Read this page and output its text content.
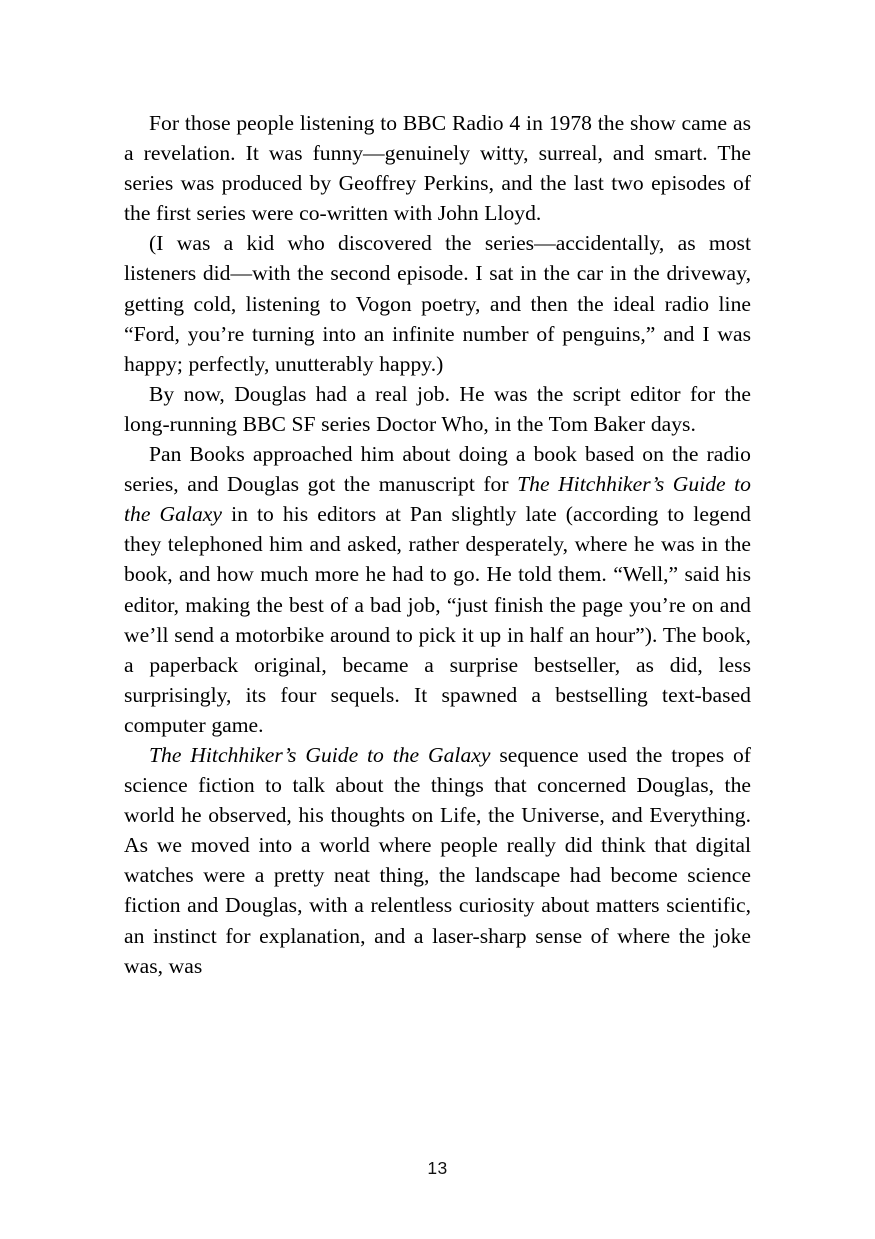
For those people listening to BBC Radio 4 in 1978 the show came as a revelation. It was funny—genuinely witty, surreal, and smart. The series was produced by Geoffrey Perkins, and the last two episodes of the first series were co-written with John Lloyd.

(I was a kid who discovered the series—accidentally, as most listeners did—with the second episode. I sat in the car in the driveway, getting cold, listening to Vogon poetry, and then the ideal radio line “Ford, you’re turning into an infinite number of penguins,” and I was happy; perfectly, unutterably happy.)

By now, Douglas had a real job. He was the script editor for the long-running BBC SF series Doctor Who, in the Tom Baker days.

Pan Books approached him about doing a book based on the radio series, and Douglas got the manuscript for The Hitchhiker’s Guide to the Galaxy in to his editors at Pan slightly late (according to legend they telephoned him and asked, rather desperately, where he was in the book, and how much more he had to go. He told them. “Well,” said his editor, making the best of a bad job, “just finish the page you’re on and we’ll send a motorbike around to pick it up in half an hour”). The book, a paperback original, became a surprise bestseller, as did, less surprisingly, its four sequels. It spawned a bestselling text-based computer game.

The Hitchhiker’s Guide to the Galaxy sequence used the tropes of science fiction to talk about the things that concerned Douglas, the world he observed, his thoughts on Life, the Universe, and Everything. As we moved into a world where people really did think that digital watches were a pretty neat thing, the landscape had become science fiction and Douglas, with a relentless curiosity about matters scientific, an instinct for explanation, and a laser-sharp sense of where the joke was, was

13
